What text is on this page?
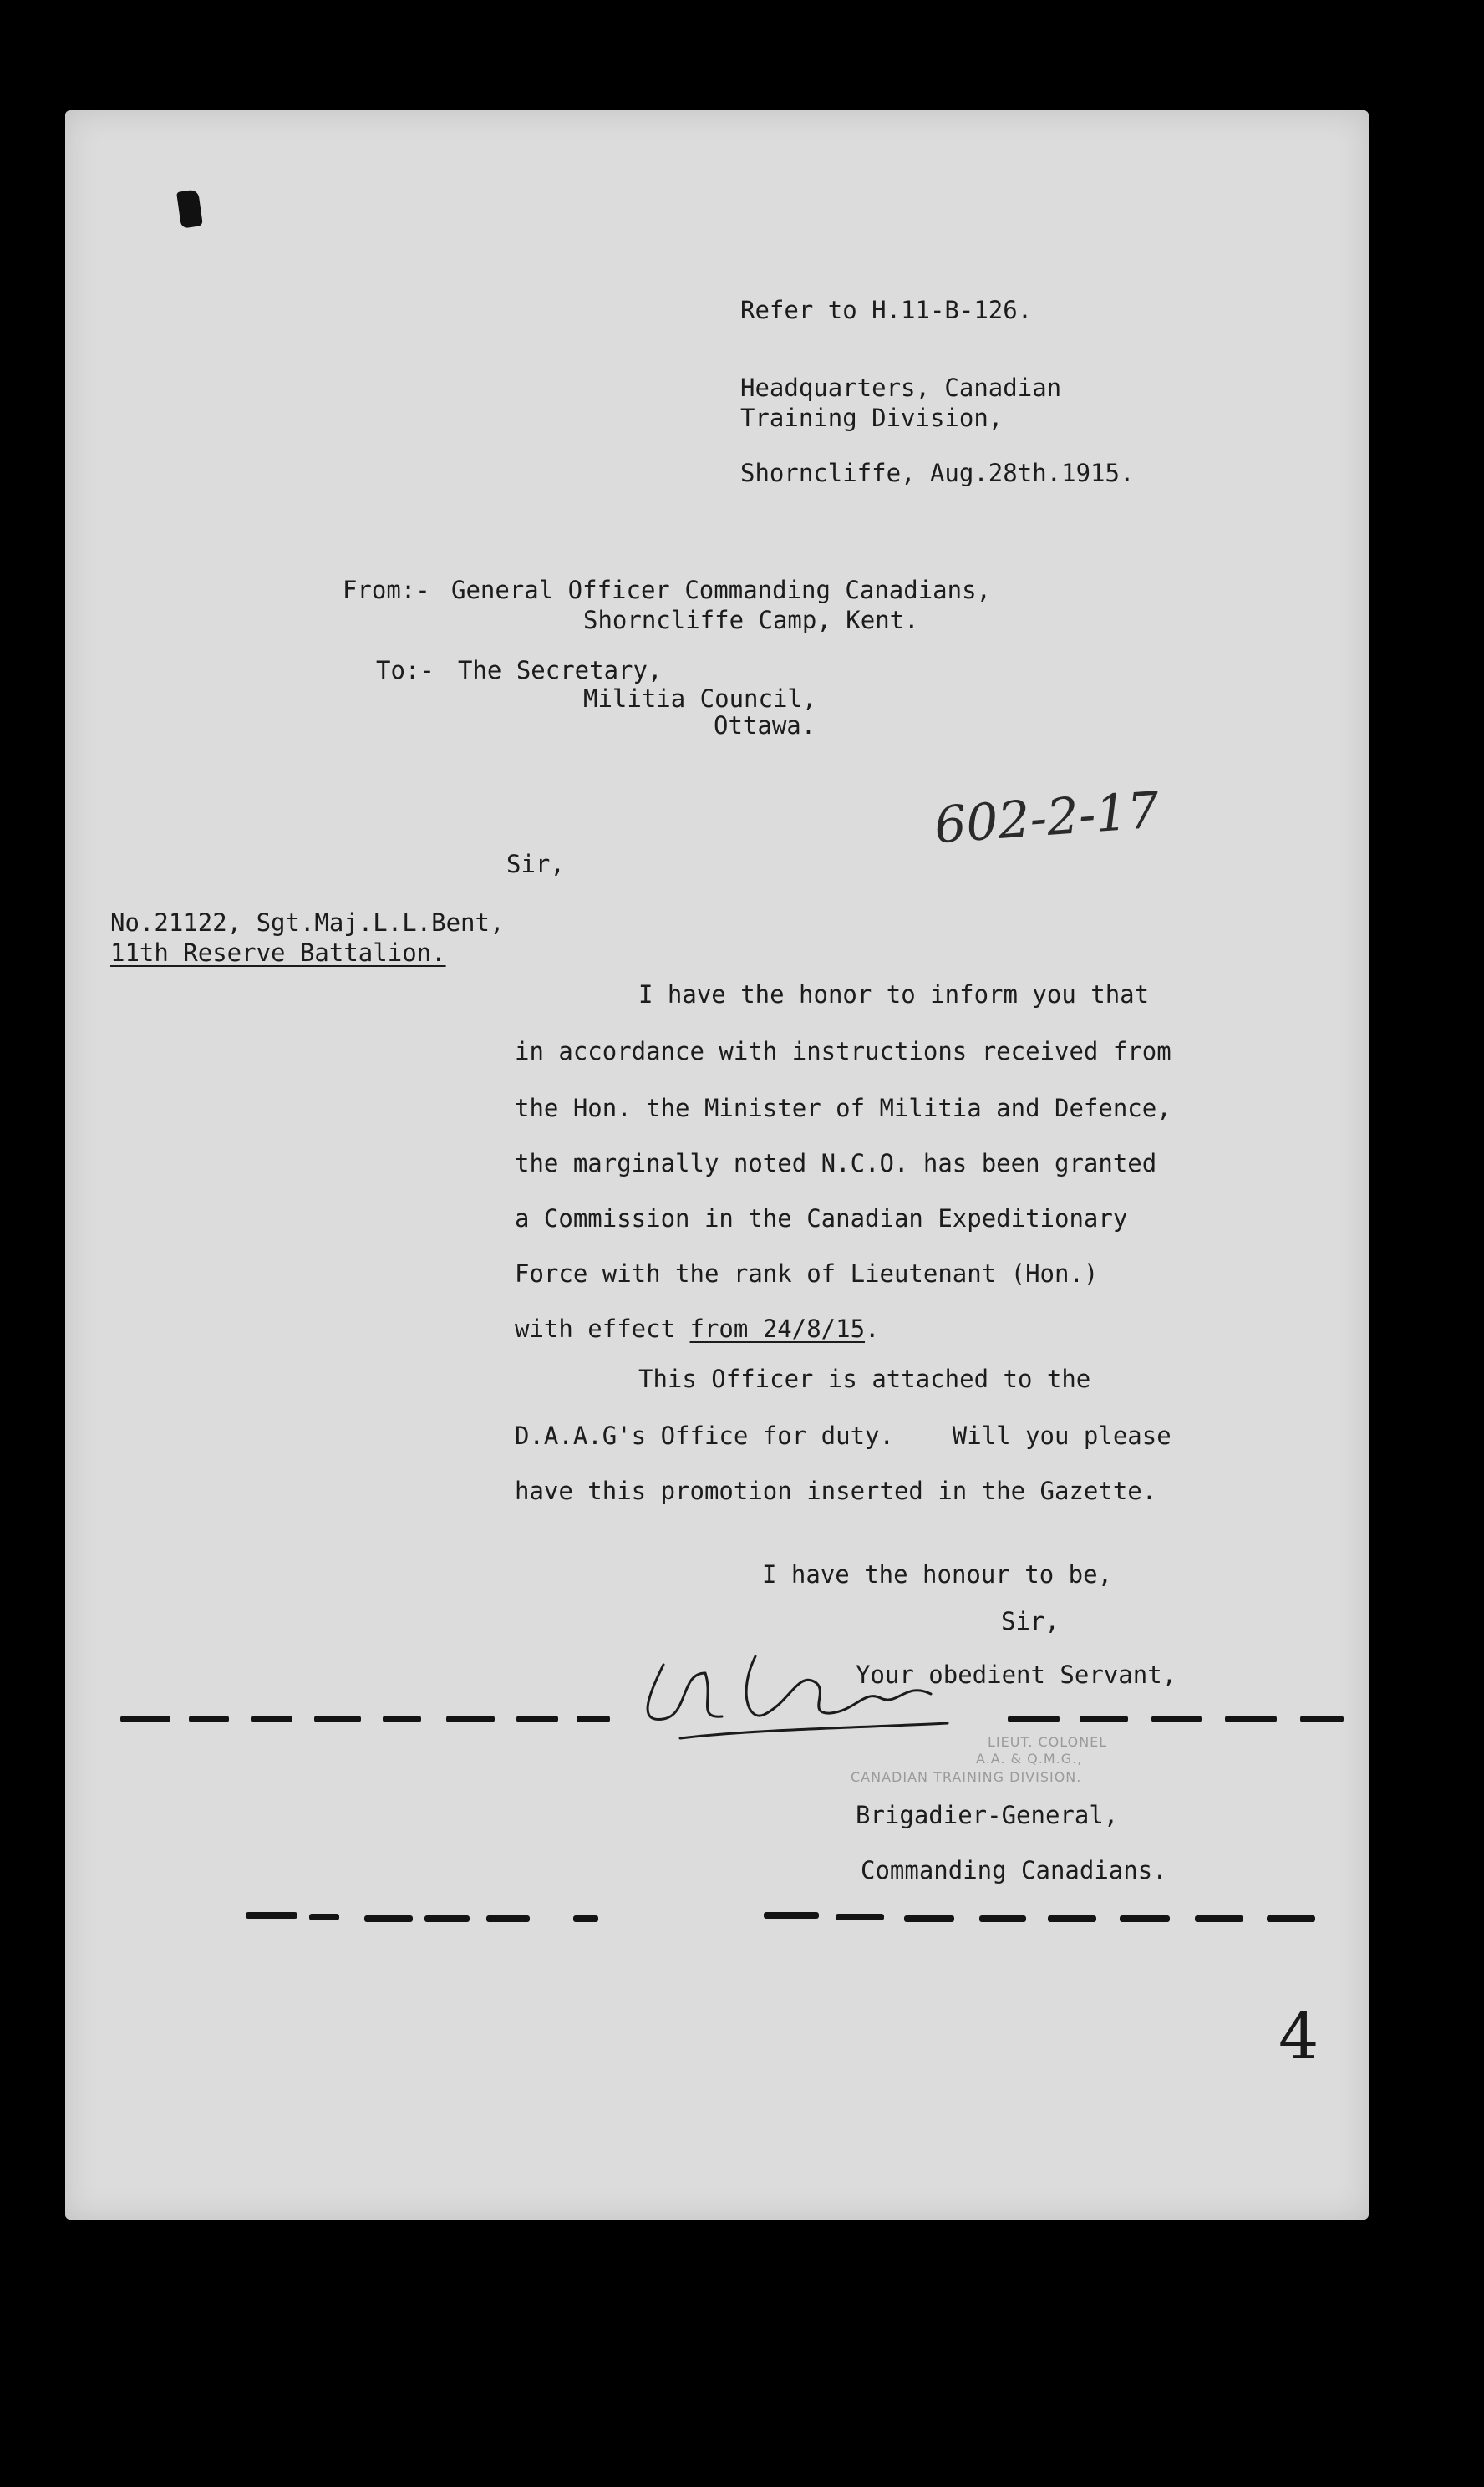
Refer to H.11-B-126.
Headquarters, Canadian
Training Division,
Shorncliffe, Aug.28th.1915.
From:- General Officer Commanding Canadians,
Shorncliffe Camp, Kent.
To:- The Secretary,
Militia Council,
Ottawa.
602-2-17
Sir,
No.21122, Sgt.Maj.L.L.Bent,
11th Reserve Battalion.
I have the honor to inform you that
in accordance with instructions received from
the Hon. the Minister of Militia and Defence,
the marginally noted N.C.O. has been granted
a Commission in the Canadian Expeditionary
Force with the rank of Lieutenant (Hon.)
with effect from 24/8/15.
This Officer is attached to the
D.A.A.G's Office for duty.    Will you please
have this promotion inserted in the Gazette.
I have the honour to be,
Sir,
Your obedient Servant,
LIEUT. COLONEL
A.A. & Q.M.G.,
CANADIAN TRAINING DIVISION.
Brigadier-General,
Commanding Canadians.
4
